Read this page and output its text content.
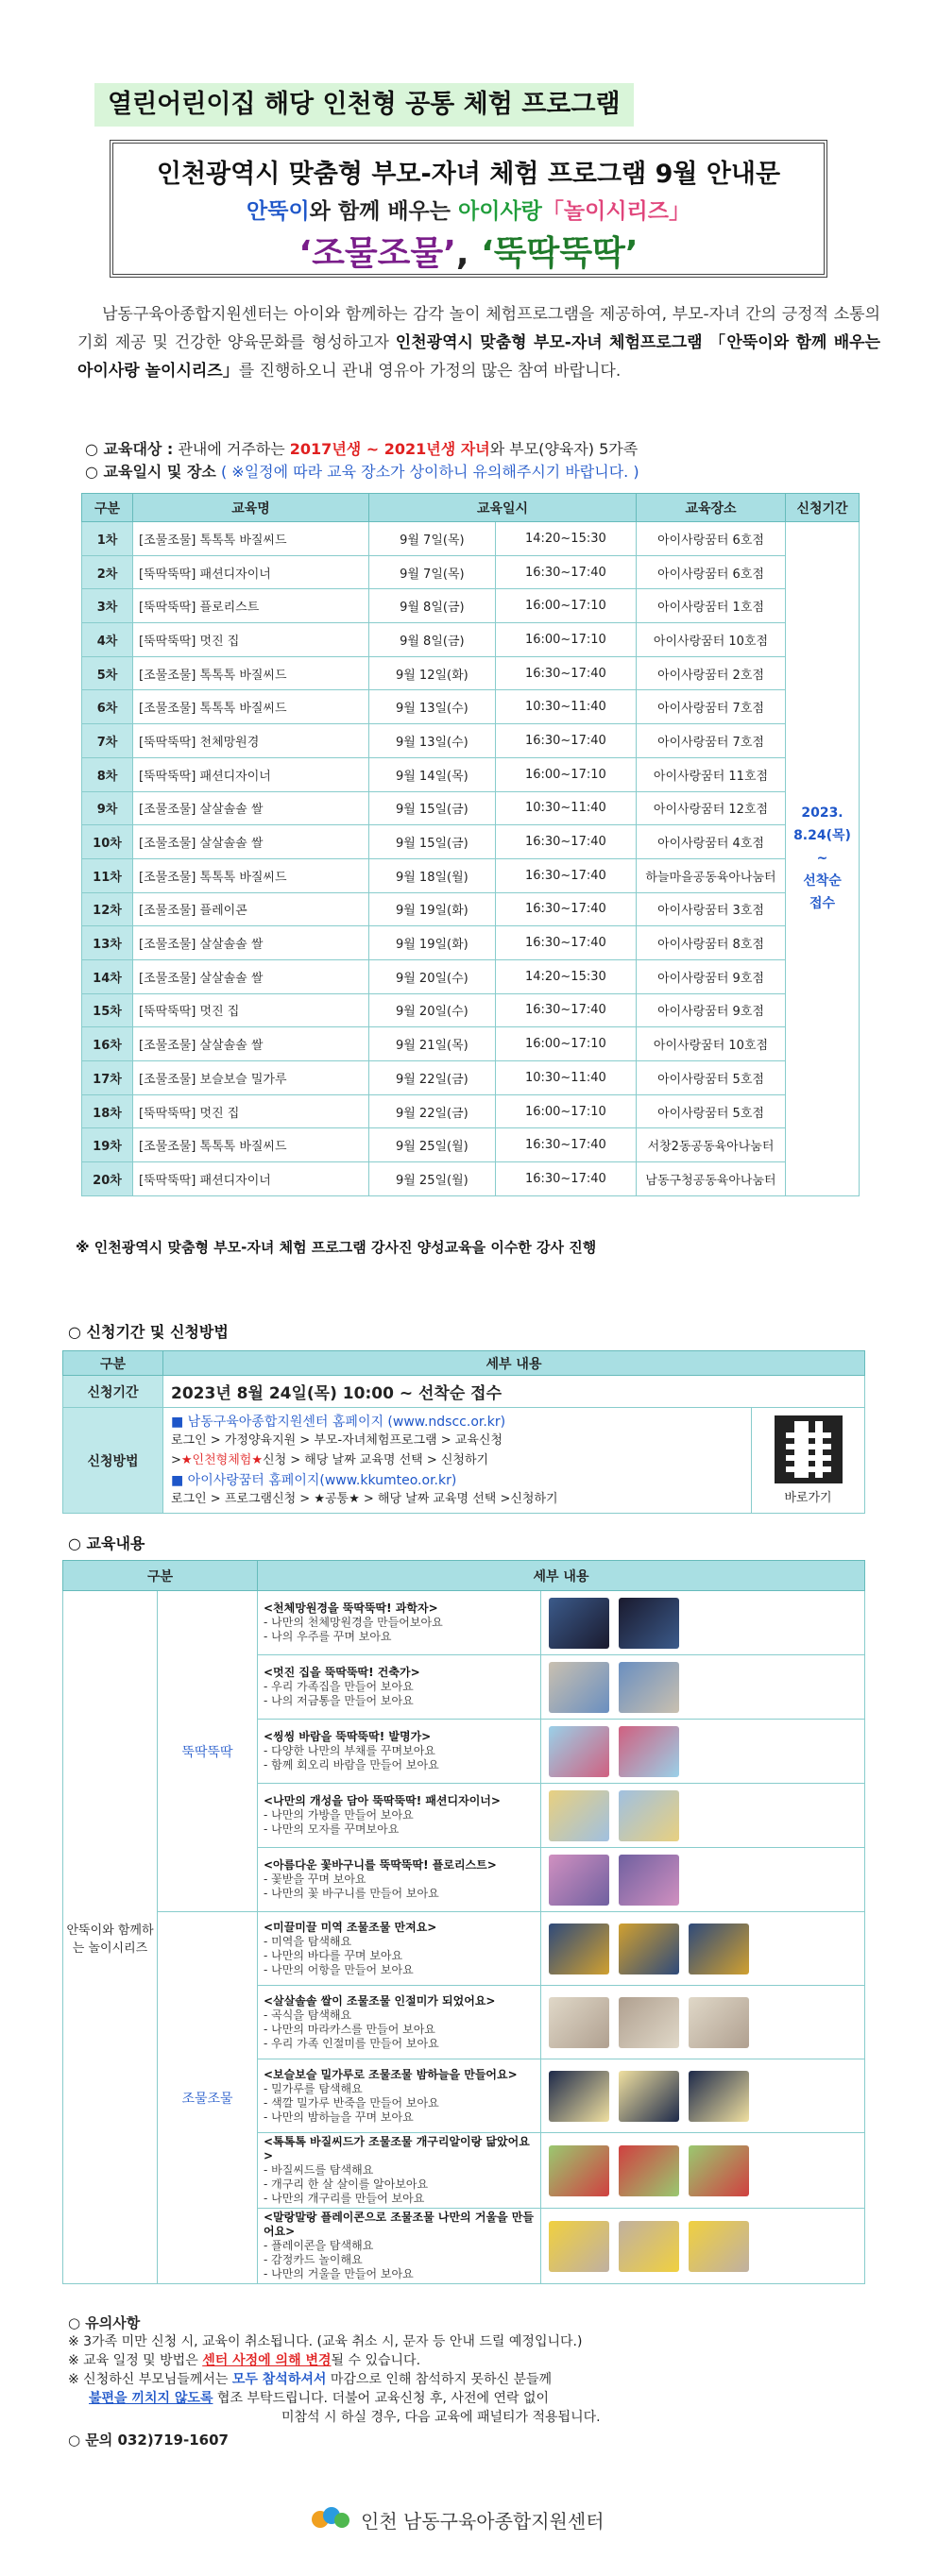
열린어린이집 해당 인천형 공통 체험 프로그램
인천광역시 맞춤형 부모-자녀 체험 프로그램 9월 안내문
안뚝이와 함께 배우는 아이사랑「놀이시리즈」
‘조물조물’, ‘뚝딱뚝딱’

남동구육아종합지원센터는 아이와 함께하는 감각 놀이 체험프로그램을 제공하여, 부모-자녀 간의 긍정적 소통의 기회 제공 및 건강한 양육문화를 형성하고자 인천광역시 맞춤형 부모-자녀 체험프로그램 「안뚝이와 함께 배우는 아이사랑 놀이시리즈」를 진행하오니 관내 영유아 가정의 많은 참여 바랍니다.

○ 교육대상 : 관내에 거주하는 2017년생 ~ 2021년생 자녀와 부모(양육자) 5가족
○ 교육일시 및 장소 ( ※일정에 따라 교육 장소가 상이하니 유의해주시기 바랍니다. )
구분	교육명	교육일시		교육장소	신청기간
1차	[조물조물] 톡톡톡 바질씨드	9월 7일(목)	14:20~15:30	아이사랑꿈터 6호점	2023.
8.24(목)
~
선착순
접수

2차	[뚝딱뚝딱] 패션디자이너	9월 7일(목)	16:30~17:40	아이사랑꿈터 6호점	
3차	[뚝딱뚝딱] 플로리스트	9월 8일(금)	16:00~17:10	아이사랑꿈터 1호점	
4차	[뚝딱뚝딱] 멋진 집	9월 8일(금)	16:00~17:10	아이사랑꿈터 10호점	
5차	[조물조물] 톡톡톡 바질씨드	9월 12일(화)	16:30~17:40	아이사랑꿈터 2호점	
6차	[조물조물] 톡톡톡 바질씨드	9월 13일(수)	10:30~11:40	아이사랑꿈터 7호점	
7차	[뚝딱뚝딱] 천체망원경	9월 13일(수)	16:30~17:40	아이사랑꿈터 7호점	
8차	[뚝딱뚝딱] 패션디자이너	9월 14일(목)	16:00~17:10	아이사랑꿈터 11호점	
9차	[조물조물] 살살솔솔 쌀	9월 15일(금)	10:30~11:40	아이사랑꿈터 12호점	
10차	[조물조물] 살살솔솔 쌀	9월 15일(금)	16:30~17:40	아이사랑꿈터 4호점	
11차	[조물조물] 톡톡톡 바질씨드	9월 18일(월)	16:30~17:40	하늘마을공동육아나눔터	
12차	[조물조물] 플레이콘	9월 19일(화)	16:30~17:40	아이사랑꿈터 3호점	
13차	[조물조물] 살살솔솔 쌀	9월 19일(화)	16:30~17:40	아이사랑꿈터 8호점	
14차	[조물조물] 살살솔솔 쌀	9월 20일(수)	14:20~15:30	아이사랑꿈터 9호점	
15차	[뚝딱뚝딱] 멋진 집	9월 20일(수)	16:30~17:40	아이사랑꿈터 9호점	
16차	[조물조물] 살살솔솔 쌀	9월 21일(목)	16:00~17:10	아이사랑꿈터 10호점	
17차	[조물조물] 보슬보슬 밀가루	9월 22일(금)	10:30~11:40	아이사랑꿈터 5호점	
18차	[뚝딱뚝딱] 멋진 집	9월 22일(금)	16:00~17:10	아이사랑꿈터 5호점	
19차	[조물조물] 톡톡톡 바질씨드	9월 25일(월)	16:30~17:40	서창2동공동육아나눔터	
20차	[뚝딱뚝딱] 패션디자이너	9월 25일(월)	16:30~17:40	남동구청공동육아나눔터	
※ 인천광역시 맞춤형 부모-자녀 체험 프로그램 강사진 양성교육을 이수한 강사 진행
○ 신청기간 및 신청방법
구분	세부 내용	
신청기간	2023년 8월 24일(목) 10:00 ~ 선착순 접수	
신청방법	■ 남동구육아종합지원센터 홈페이지 (www.ndscc.or.kr)
로그인 > 가정양육지원 > 부모-자녀체험프로그램 > 교육신청
>★인천형체험★신청 > 해당 날짜 교육명 선택 > 신청하기
■ 아이사랑꿈터 홈페이지(www.kkumteo.or.kr)
로그인 > 프로그램신청 > ★공통★ > 해당 날짜 교육명 선택 >신청하기	바로가기
○ 교육내용
구분		세부 내용	
안뚝이와 함께하는 놀이시리즈	뚝딱뚝딱	<천체망원경을 뚝딱뚝딱! 과학자>
- 나만의 천체망원경을 만들어보아요
- 나의 우주를 꾸며 보아요	

		<멋진 집을 뚝딱뚝딱! 건축가>
- 우리 가족집을 만들어 보아요
- 나의 저금통을 만들어 보아요	

		<씽씽 바람을 뚝딱뚝딱! 발명가>
- 다양한 나만의 부채를 꾸며보아요
- 함께 회오리 바람을 만들어 보아요	

		<나만의 개성을 담아 뚝딱뚝딱! 패션디자이너>
- 나만의 가방을 만들어 보아요
- 나만의 모자를 꾸며보아요	

		<아름다운 꽃바구니를 뚝딱뚝딱! 플로리스트>
- 꽃받을 꾸며 보아요
- 나만의 꽃 바구니를 만들어 보아요	

	조물조물	<미끌미끌 미역 조물조물 만져요>
- 미역을 탐색해요
- 나만의 바다를 꾸며 보아요
- 나만의 어항을 만들어 보아요	

		<살살솔솔 쌀이 조물조물 인절미가 되었어요>
- 곡식을 탐색해요
- 나만의 마라카스를 만들어 보아요
- 우리 가족 인절미를 만들어 보아요	

		<보슬보슬 밀가루로 조물조물 밤하늘을 만들어요>
- 밀가루를 탐색해요
- 색깔 밀가루 반죽을 만들어 보아요
- 나만의 밤하늘을 꾸며 보아요	

		<톡톡톡 바질씨드가 조물조물 개구리알이랑 닮았어요>
- 바질씨드를 탐색해요
- 개구리 한 살 살이를 알아보아요
- 나만의 개구리를 만들어 보아요	

		<말랑말랑 플레이콘으로 조물조물 나만의 거울을 만들어요>
- 플레이콘을 탐색해요
- 감정카드 놀이해요
- 나만의 거울을 만들어 보아요	

○ 유의사항
※ 3가족 미만 신청 시, 교육이 취소됩니다. (교육 취소 시, 문자 등 안내 드릴 예정입니다.)
※ 교육 일정 및 방법은 센터 사정에 의해 변경될 수 있습니다.
※ 신청하신 부모님들께서는 모두 참석하셔서 마감으로 인해 참석하지 못하신 분들께
불편을 끼치지 않도록 협조 부탁드립니다. 더불어 교육신청 후, 사전에 연락 없이
미참석 시 하실 경우, 다음 교육에 패널티가 적용됩니다.
○ 문의 032)719-1607
인천 남동구육아종합지원센터
